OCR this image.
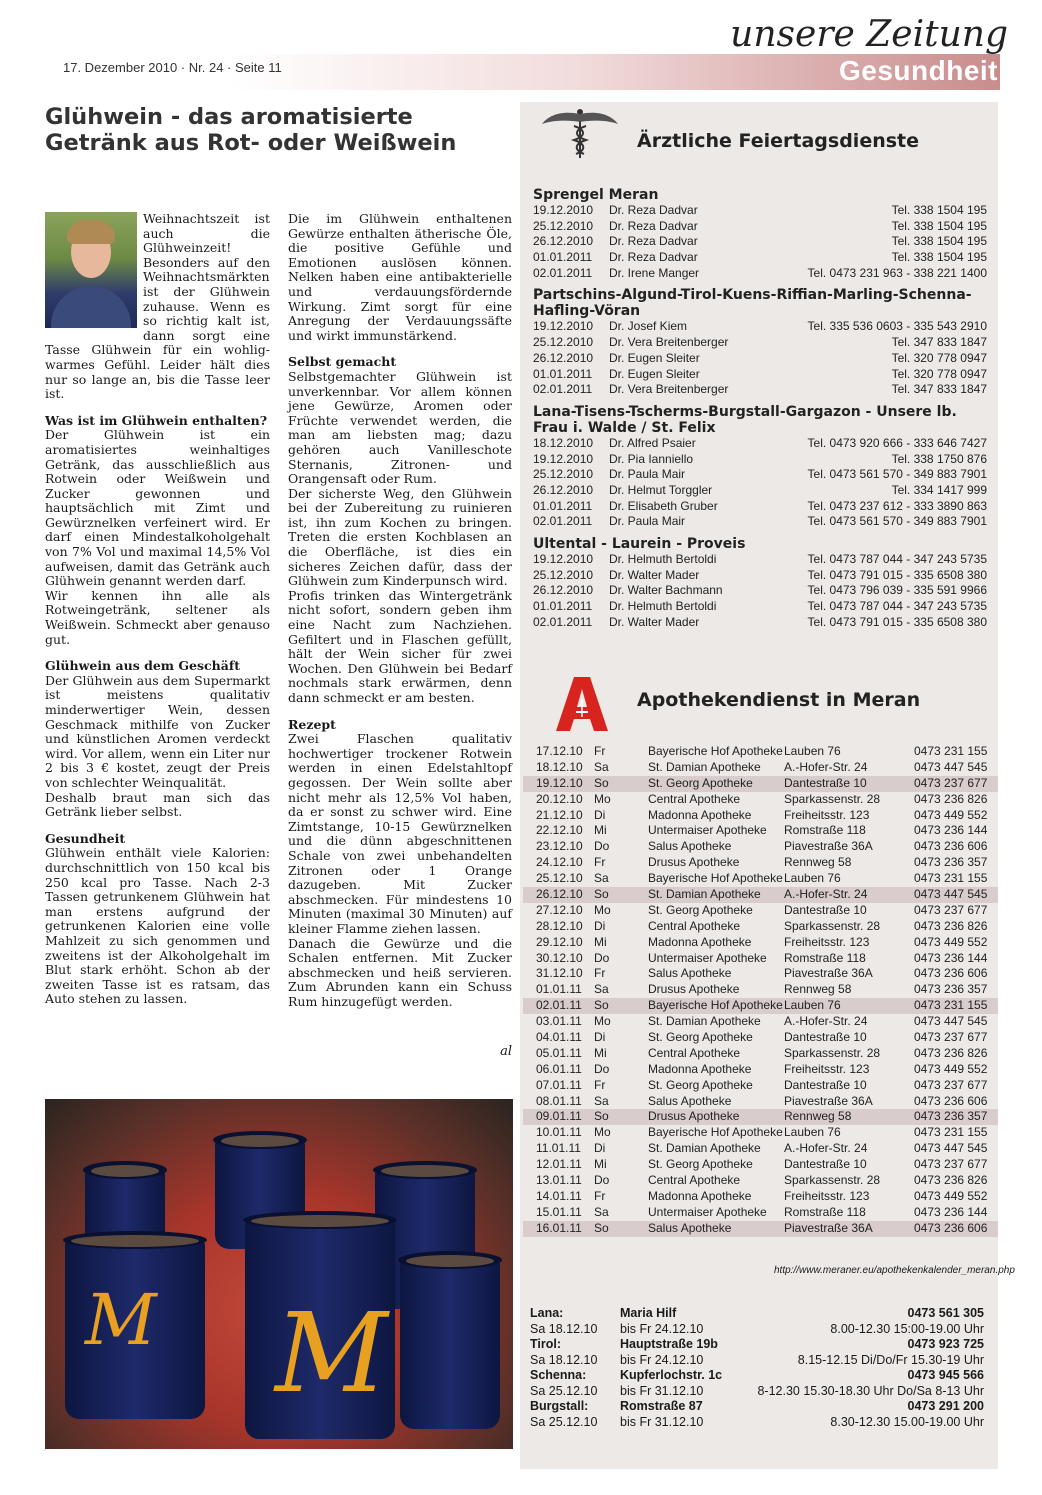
17. Dezember 2010 · Nr. 24 · Seite 11
unsere Zeitung
Gesundheit
Glühwein - das aromatisierte Getränk aus Rot- oder Weißwein

Weihnachtszeit ist auch die Glühweinzeit! Besonders auf den Weihnachtsmärkten ist der Glühwein zuhause. Wenn es so richtig kalt ist, dann sorgt eine Tasse Glühwein für ein wohlig-warmes Gefühl. Leider hält dies nur so lange an, bis die Tasse leer ist.

Was ist im Glühwein enthalten?

Der Glühwein ist ein aromatisiertes weinhaltiges Getränk, das ausschließlich aus Rotwein oder Weißwein und Zucker gewonnen und hauptsächlich mit Zimt und Gewürznelken verfeinert wird. Er darf einen Mindestalkoholgehalt von 7% Vol und maximal 14,5% Vol aufweisen, damit das Getränk auch Glühwein genannt werden darf.

Wir kennen ihn alle als Rotweingetränk, seltener als Weißwein. Schmeckt aber genauso gut.

Glühwein aus dem Geschäft

Der Glühwein aus dem Supermarkt ist meistens qualitativ minderwertiger Wein, dessen Geschmack mithilfe von Zucker und künstlichen Aromen verdeckt wird. Vor allem, wenn ein Liter nur 2 bis 3 € kostet, zeugt der Preis von schlechter Weinqualität.

Deshalb braut man sich das Getränk lieber selbst.

Gesundheit

Glühwein enthält viele Kalorien: durchschnittlich von 150 kcal bis 250 kcal pro Tasse. Nach 2-3 Tassen getrunkenem Glühwein hat man erstens aufgrund der getrunkenen Kalorien eine volle Mahlzeit zu sich genommen und zweitens ist der Alkoholgehalt im Blut stark erhöht. Schon ab der zweiten Tasse ist es ratsam, das Auto stehen zu lassen.

Die im Glühwein enthaltenen Gewürze enthalten ätherische Öle, die positive Gefühle und Emotionen auslösen können. Nelken haben eine antibakterielle und verdauungsfördernde Wirkung. Zimt sorgt für eine Anregung der Verdauungssäfte und wirkt immunstärkend.

Selbst gemacht

Selbstgemachter Glühwein ist unverkennbar. Vor allem können jene Gewürze, Aromen oder Früchte verwendet werden, die man am liebsten mag; dazu gehören auch Vanilleschote Sternanis, Zitronen- und Orangensaft oder Rum.

Der sicherste Weg, den Glühwein bei der Zubereitung zu ruinieren ist, ihn zum Kochen zu bringen. Treten die ersten Kochblasen an die Oberfläche, ist dies ein sicheres Zeichen dafür, dass der Glühwein zum Kinderpunsch wird.

Profis trinken das Wintergetränk nicht sofort, sondern geben ihm eine Nacht zum Nachziehen. Gefiltert und in Flaschen gefüllt, hält der Wein sicher für zwei Wochen. Den Glühwein bei Bedarf nochmals stark erwärmen, denn dann schmeckt er am besten.

Rezept

Zwei Flaschen qualitativ hochwertiger trockener Rotwein werden in einen Edelstahltopf gegossen. Der Wein sollte aber nicht mehr als 12,5% Vol haben, da er sonst zu schwer wird. Eine Zimtstange, 10-15 Gewürznelken und die dünn abgeschnittenen Schale von zwei unbehandelten Zitronen oder 1 Orange dazugeben. Mit Zucker abschmecken. Für mindestens 10 Minuten (maximal 30 Minuten) auf kleiner Flamme ziehen lassen.

Danach die Gewürze und die Schalen entfernen. Mit Zucker abschmecken und heiß servieren. Zum Abrunden kann ein Schuss Rum hinzugefügt werden.

al
M M
Ärztliche Feiertagsdienste
Sprengel Meran
19.12.2010 Dr. Reza Dadvar	Tel. 338 1504 195
25.12.2010 Dr. Reza Dadvar	Tel. 338 1504 195
26.12.2010 Dr. Reza Dadvar	Tel. 338 1504 195
01.01.2011 Dr. Reza Dadvar	Tel. 338 1504 195
02.01.2011 Dr. Irene Manger	Tel. 0473 231 963 - 338 221 1400
Partschins-Algund-Tirol-Kuens-Riffian-Marling-Schenna-Hafling-Vöran
19.12.2010 Dr. Josef Kiem	Tel. 335 536 0603 - 335 543 2910
25.12.2010 Dr. Vera Breitenberger	Tel. 347 833 1847
26.12.2010 Dr. Eugen Sleiter	Tel. 320 778 0947
01.01.2011 Dr. Eugen Sleiter	Tel. 320 778 0947
02.01.2011 Dr. Vera Breitenberger	Tel. 347 833 1847
Lana-Tisens-Tscherms-Burgstall-Gargazon - Unsere lb. Frau i. Walde / St. Felix
18.12.2010 Dr. Alfred Psaier	Tel. 0473 920 666 - 333 646 7427
19.12.2010 Dr. Pia Ianniello	Tel. 338 1750 876
25.12.2010 Dr. Paula Mair	Tel. 0473 561 570 - 349 883 7901
26.12.2010 Dr. Helmut Torggler	Tel. 334 1417 999
01.01.2011 Dr. Elisabeth Gruber	Tel. 0473 237 612 - 333 3890 863
02.01.2011 Dr. Paula Mair	Tel. 0473 561 570 - 349 883 7901
Ultental - Laurein - Proveis
19.12.2010 Dr. Helmuth Bertoldi	Tel. 0473 787 044 - 347 243 5735
25.12.2010 Dr. Walter Mader	Tel. 0473 791 015 - 335 6508 380
26.12.2010 Dr. Walter Bachmann	Tel. 0473 796 039 - 335 591 9966
01.01.2011 Dr. Helmuth Bertoldi	Tel. 0473 787 044 - 347 243 5735
02.01.2011 Dr. Walter Mader	Tel. 0473 791 015 - 335 6508 380
Apothekendienst in Meran
17.12.10 Fr	Bayerische Hof Apotheke Lauben 76	0473 231 155
18.12.10 Sa	St. Damian Apotheke A.-Hofer-Str. 24	0473 447 545
19.12.10 So	St. Georg Apotheke	Dantestraße 10	0473 237 677
20.12.10 Mo	Central Apotheke	Sparkassenstr. 28	0473 236 826
21.12.10 Di	Madonna Apotheke	Freiheitsstr. 123	0473 449 552
22.12.10 Mi	Untermaiser Apotheke Romstraße 118	0473 236 144
23.12.10 Do	Salus Apotheke	Piavestraße 36A	0473 236 606
24.12.10 Fr	Drusus Apotheke	Rennweg 58	0473 236 357
25.12.10 Sa	Bayerische Hof Apotheke Lauben 76	0473 231 155
26.12.10 So	St. Damian Apotheke A.-Hofer-Str. 24	0473 447 545
27.12.10 Mo	St. Georg Apotheke	Dantestraße 10	0473 237 677
28.12.10 Di	Central Apotheke	Sparkassenstr. 28	0473 236 826
29.12.10 Mi	Madonna Apotheke	Freiheitsstr. 123	0473 449 552
30.12.10 Do	Untermaiser Apotheke Romstraße 118	0473 236 144
31.12.10 Fr	Salus Apotheke	Piavestraße 36A	0473 236 606
01.01.11 Sa	Drusus Apotheke	Rennweg 58	0473 236 357
02.01.11 So	Bayerische Hof Apotheke Lauben 76	0473 231 155
03.01.11 Mo	St. Damian Apotheke A.-Hofer-Str. 24	0473 447 545
04.01.11 Di	St. Georg Apotheke	Dantestraße 10	0473 237 677
05.01.11 Mi	Central Apotheke	Sparkassenstr. 28	0473 236 826
06.01.11 Do	Madonna Apotheke	Freiheitsstr. 123	0473 449 552
07.01.11 Fr	St. Georg Apotheke	Dantestraße 10	0473 237 677
08.01.11 Sa	Salus Apotheke	Piavestraße 36A	0473 236 606
09.01.11 So	Drusus Apotheke	Rennweg 58	0473 236 357
10.01.11 Mo	Bayerische Hof Apotheke Lauben 76	0473 231 155
11.01.11 Di	St. Damian Apotheke A.-Hofer-Str. 24	0473 447 545
12.01.11 Mi	St. Georg Apotheke	Dantestraße 10	0473 237 677
13.01.11 Do	Central Apotheke	Sparkassenstr. 28	0473 236 826
14.01.11 Fr	Madonna Apotheke	Freiheitsstr. 123	0473 449 552
15.01.11 Sa	Untermaiser Apotheke Romstraße 118	0473 236 144
16.01.11 So	Salus Apotheke	Piavestraße 36A	0473 236 606
http://www.meraner.eu/apothekenkalender_meran.php
Lana:	Maria Hilf	0473 561 305
Sa 18.12.10 bis Fr 24.12.10	8.00-12.30 15:00-19.00 Uhr
Tirol:	Hauptstraße 19b	0473 923 725
Sa 18.12.10 bis Fr 24.12.10	8.15-12.15 Di/Do/Fr 15.30-19 Uhr
Schenna:	Kupferlochstr. 1c	0473 945 566
Sa 25.12.10 bis Fr 31.12.10	8-12.30 15.30-18.30 Uhr Do/Sa 8-13 Uhr
Burgstall:	Romstraße 87	0473 291 200
Sa 25.12.10 bis Fr 31.12.10	8.30-12.30 15.00-19.00 Uhr
